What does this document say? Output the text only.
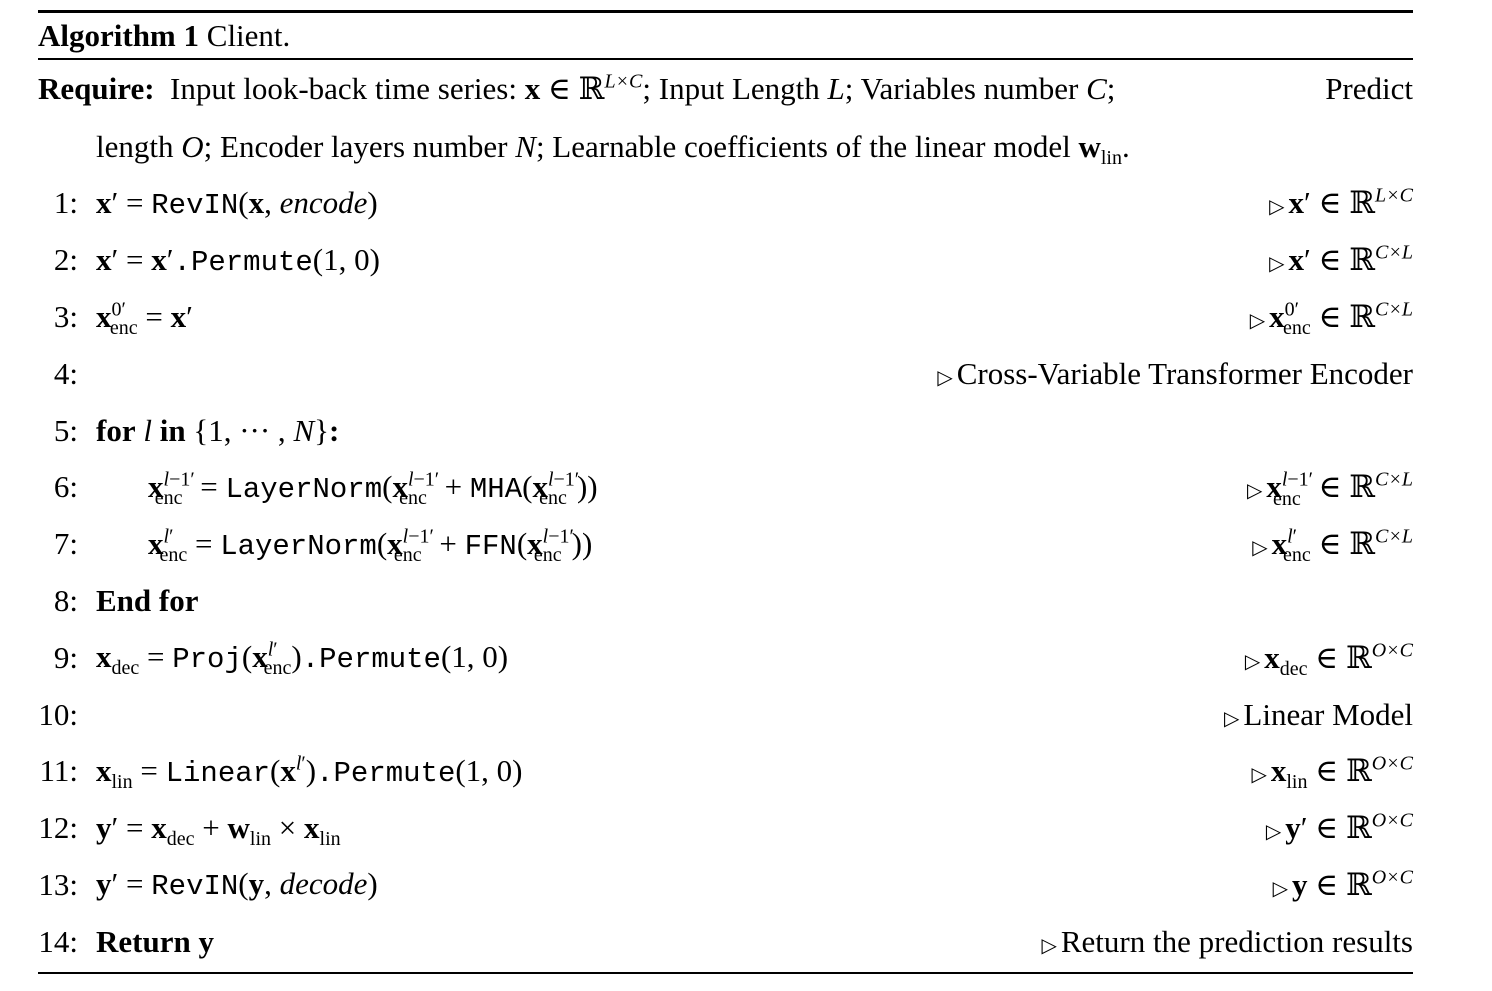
Algorithm 1 Client.
Require:  Input look-back time series: x ∈ ℝ$^{L\times C}$; Input Length L; Variables number C;	Predict
length O; Encoder layers number N; Learnable coefficients of the linear model $w_{lin}$.
1: x′ = RevIN(x, encode)	▷ x′ ∈ ℝ$^{L\times C}$
2: x′ = x′.Permute(1, 0)	▷ x′ ∈ ℝ$^{C\times L}$
3: $x^{0'}_{enc} = x'$	▷ $x^{0'}_{enc}$ ∈ ℝ$^{C\times L}$
4:	▷ Cross-Variable Transformer Encoder
5: for l in {1, ··· , N}:
6: $x^{l-1'}_{enc}$ = $LayerNorm(x^{l-1'}_{enc} + MHA(x^{l-1'}_{enc}$ ))	▷ $x^{l-1'}_{enc}$ ∈ ℝ$^{C\times L}$
7: $x^{l'}_{enc}$ = $LayerNorm(x^{l-1'}_{enc} + FFN(x^{l-1'}_{enc}$ ))	▷ $x^{l'}_{enc}$ ∈ ℝ$^{C\times L}$
8: End for
9: $x_{dec}$ = $Proj(x^{l'}_{enc}).Permute(1$, 0)	▷ $x_{dec}$ ∈ ℝ$^{O\times C}$
10:	▷ Linear Model
11: $x_{lin}$ = $Linear(x^{l'}).Permute(1$, 0)	▷ $x_{lin}$ ∈ ℝ$^{O\times C}$
12: $y' = x_{dec} + w_{lin} \times x_{lin}$	▷ y′ ∈ ℝ$^{O\times C}$
13: y′ = RevIN(y, decode)	▷ y ∈ ℝ$^{O\times C}$
14: Return y	▷ Return the prediction results
